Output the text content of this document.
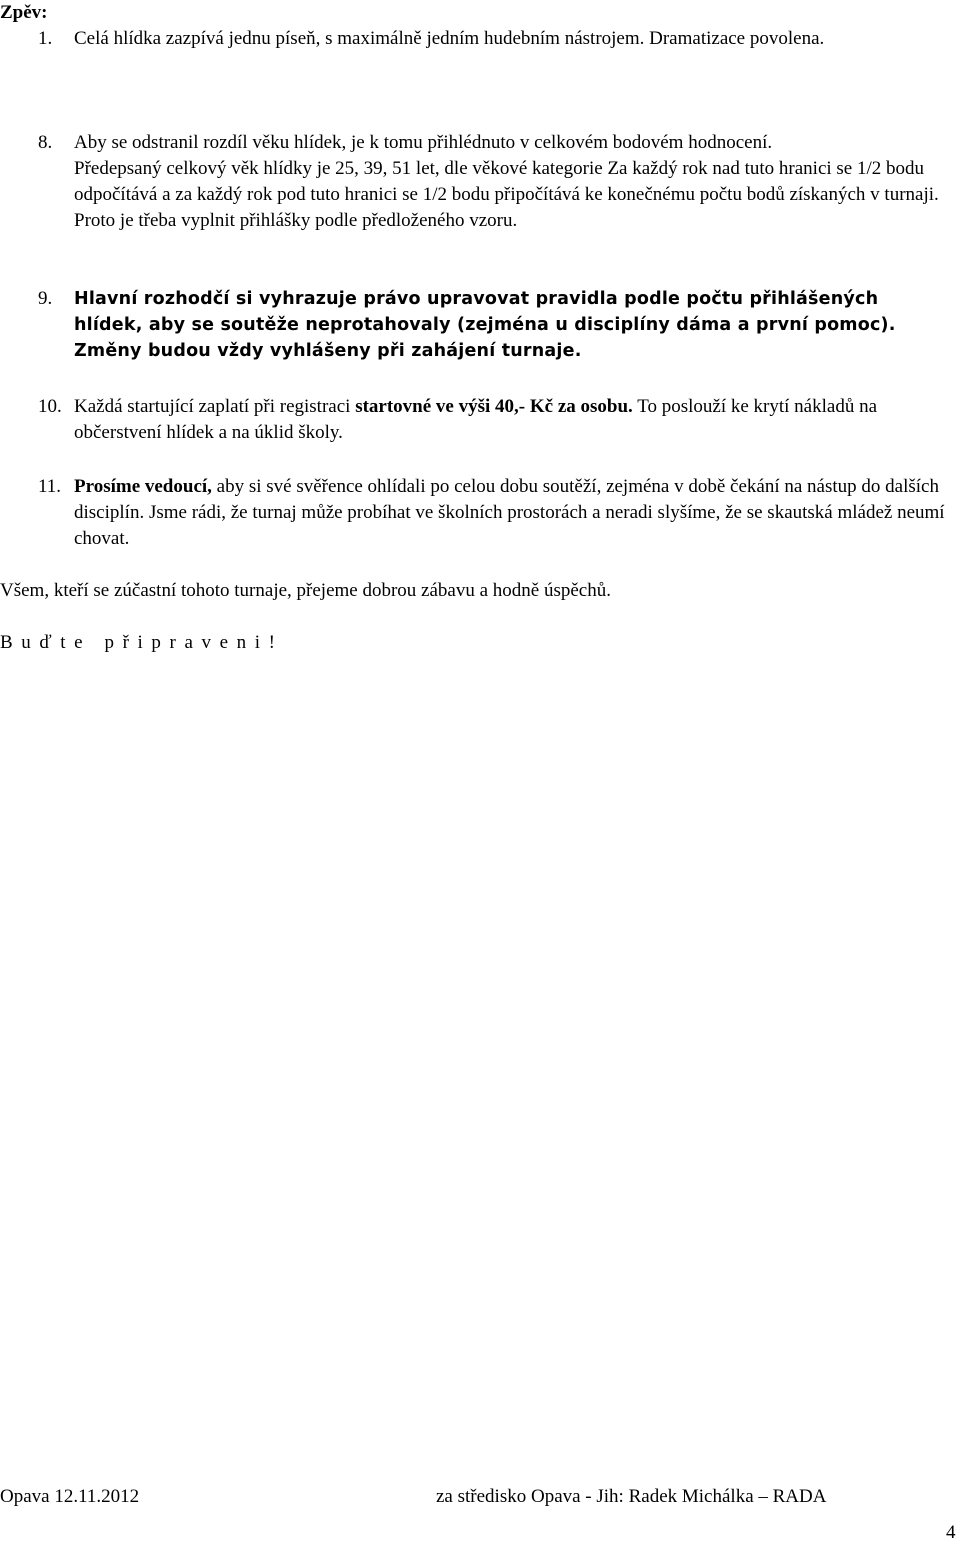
Zpěv:
1. Celá hlídka zazpívá jednu píseň, s maximálně jedním hudebním nástrojem. Dramatizace povolena.
8. Aby se odstranil rozdíl věku hlídek, je k tomu přihlédnuto v celkovém bodovém hodnocení.
Předepsaný celkový věk hlídky je 25, 39, 51 let, dle věkové kategorie Za každý rok nad tuto hranici se 1/2 bodu odpočítává a za každý rok pod tuto hranici se 1/2 bodu připočítává ke konečnému počtu bodů získaných v turnaji. Proto je třeba vyplnit přihlášky podle předloženého vzoru.
9. Hlavní rozhodčí si vyhrazuje právo upravovat pravidla podle počtu přihlášených hlídek, aby se soutěže neprotahovaly (zejména u disciplíny dáma a první pomoc). Změny budou vždy vyhlášeny při zahájení turnaje.
10. Každá startující zaplatí při registraci startovné ve výši 40,- Kč za osobu. To poslouží ke krytí nákladů na občerstvení hlídek a na úklid školy.
11. Prosíme vedoucí, aby si své svěřence ohlídali po celou dobu soutěží, zejména v době čekání na nástup do dalších disciplín. Jsme rádi, že turnaj může probíhat ve školních prostorách a neradi slyšíme, že se skautská mládež neumí chovat.
Všem, kteří se zúčastní tohoto turnaje, přejeme dobrou zábavu a hodně úspěchů.
Buďte připraveni!
Opava 12.11.2012	za středisko Opava - Jih: Radek Michálka – RADA
4
